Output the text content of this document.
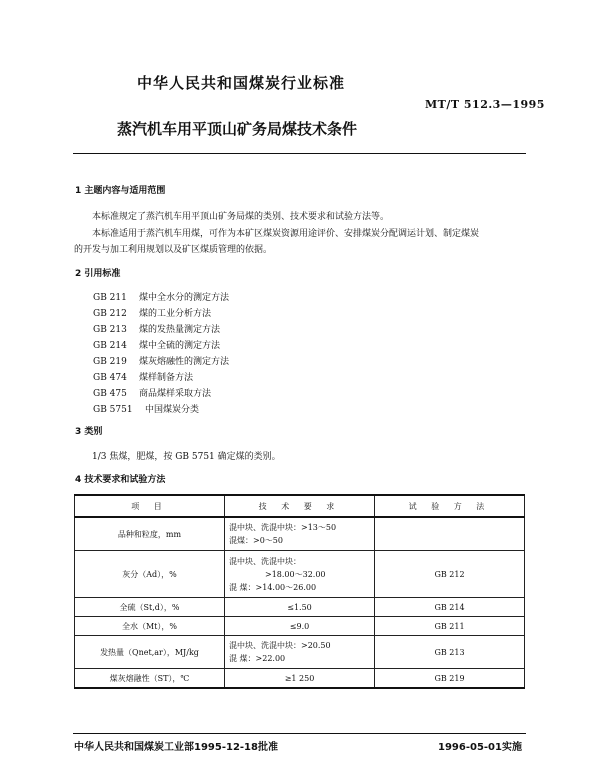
中华人民共和国煤炭行业标准
MT/T 512.3—1995
蒸汽机车用平顶山矿务局煤技术条件
1 主题内容与适用范围
本标准规定了蒸汽机车用平顶山矿务局煤的类别、技术要求和试验方法等。
本标准适用于蒸汽机车用煤，可作为本矿区煤炭资源用途评价、安排煤炭分配调运计划、制定煤炭
的开发与加工利用规划以及矿区煤质管理的依据。
2 引用标准
GB 211 煤中全水分的测定方法
GB 212 煤的工业分析方法
GB 213 煤的发热量测定方法
GB 214 煤中全硫的测定方法
GB 219 煤灰熔融性的测定方法
GB 474 煤样制备方法
GB 475 商品煤样采取方法
GB 5751 中国煤炭分类
3 类别
1/3 焦煤，肥煤，按 GB 5751 确定煤的类别。
4 技术要求和试验方法
项 目	技 术 要 求	试 验 方 法
品种和粒度，mm	混中块、洗混中块：>13～50
混煤：>0～50	

灰分（Ad），%	混中块、洗混中块：
>18.00～32.00
混 煤：>14.00～26.00	GB 212
全硫（St,d），%	≤1.50	GB 214
全水（Mt），%	≤9.0	GB 211
发热量（Qnet,ar），MJ/kg	混中块、洗混中块：>20.50
混 煤：>22.00	GB 213
煤灰熔融性（ST），℃	≥1 250	GB 219
中华人民共和国煤炭工业部1995-12-18批准	1996-05-01实施
